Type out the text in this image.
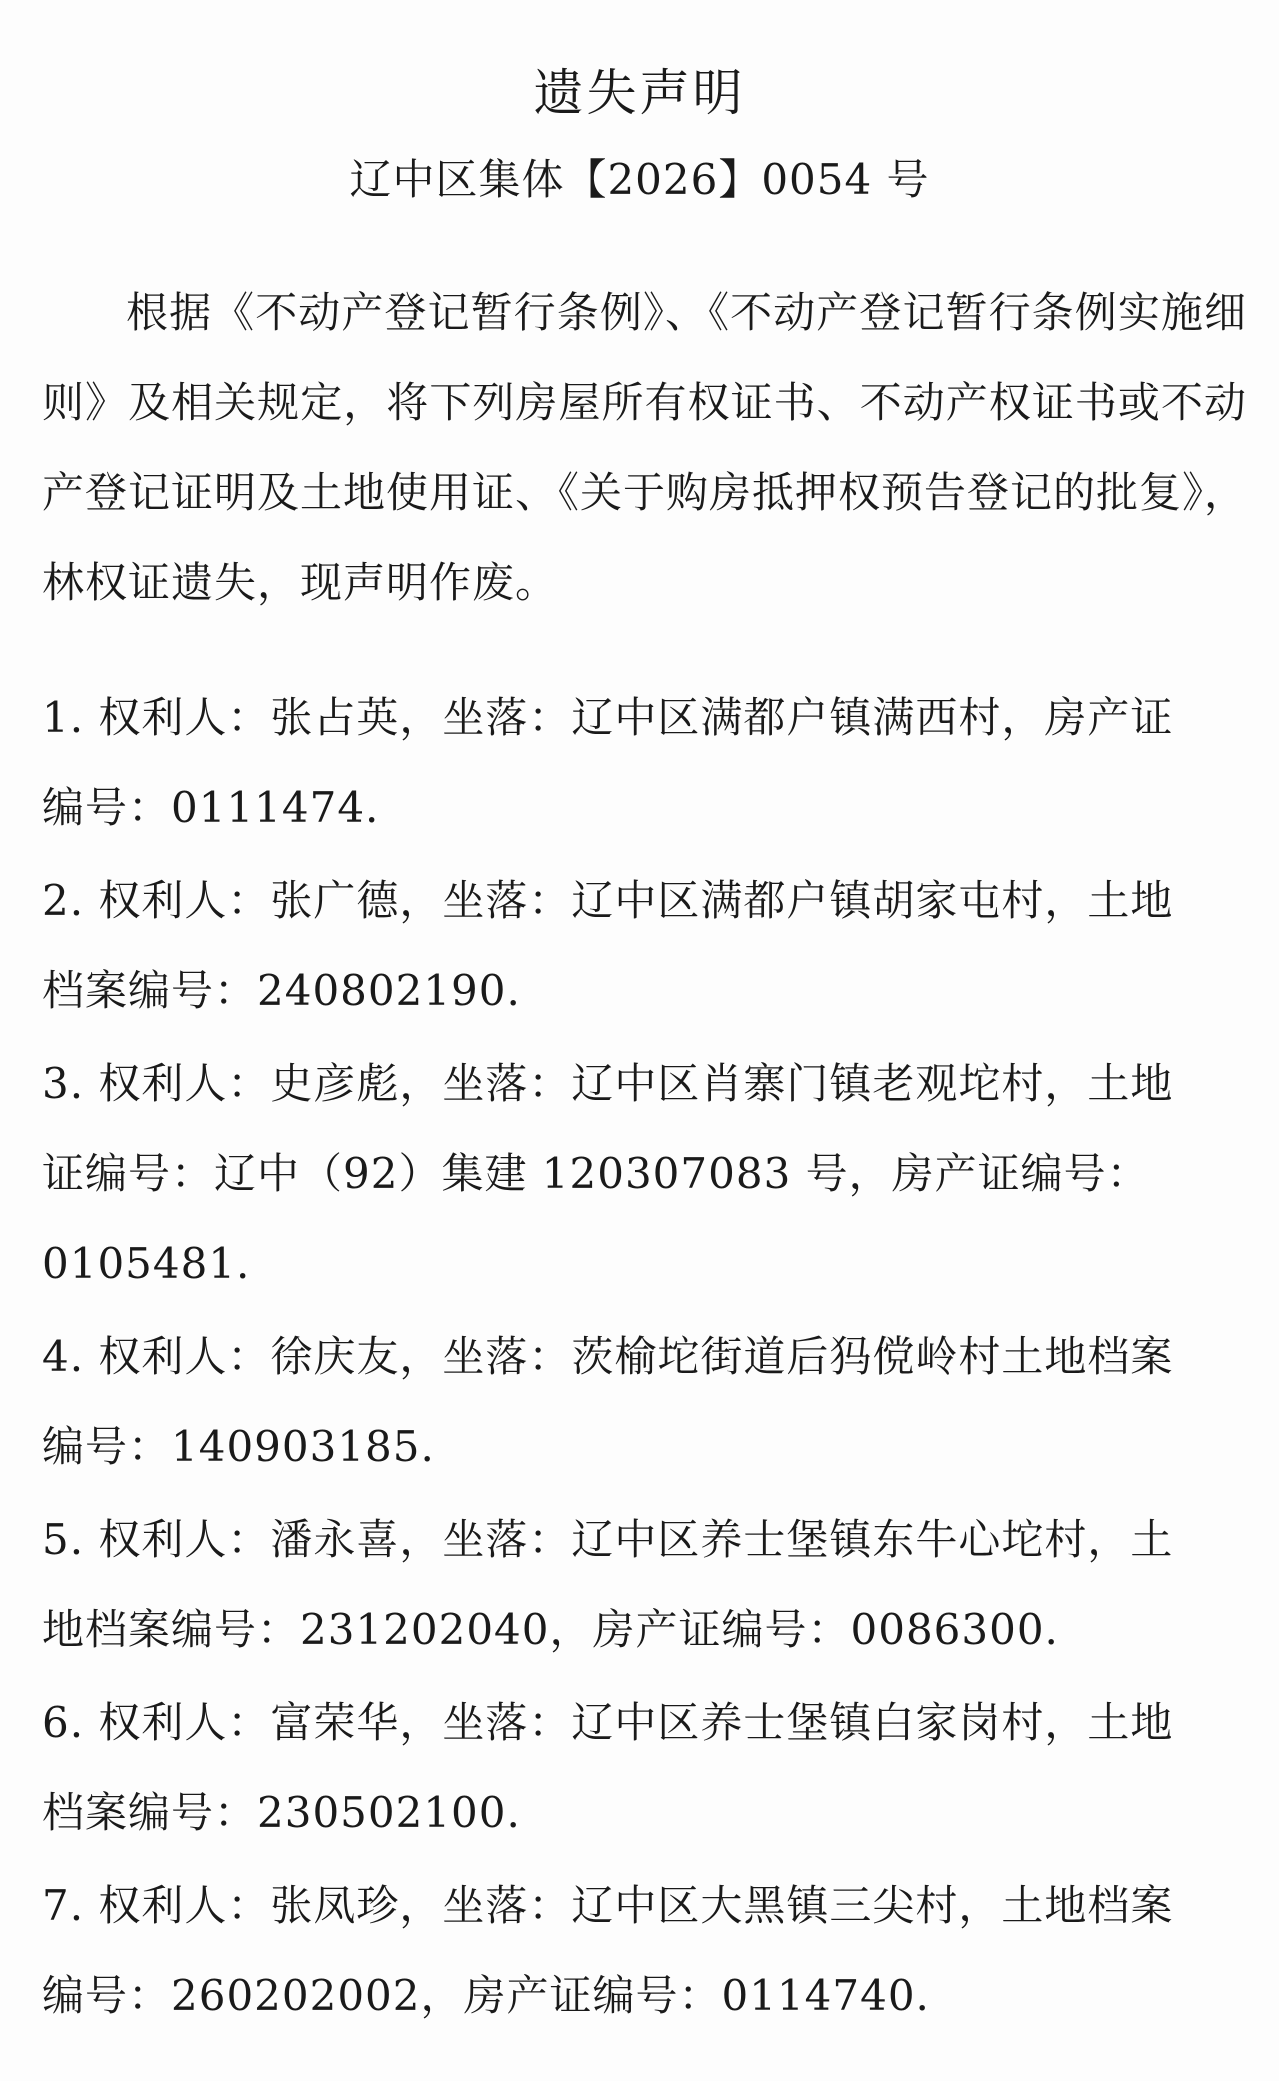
遗失声明
辽中区集体【2026】0054 号

根据《不动产登记暂行条例》、《不动产登记暂行条例实施细则》及相关规定，将下列房屋所有权证书、不动产权证书或不动产登记证明及土地使用证、《关于购房抵押权预告登记的批复》，林权证遗失，现声明作废。

1. 权利人：张占英，坐落：辽中区满都户镇满西村，房产证编号：0111474.
2. 权利人：张广德，坐落：辽中区满都户镇胡家屯村，土地档案编号：240802190.
3. 权利人：史彦彪，坐落：辽中区肖寨门镇老观坨村，土地证编号：辽中（92）集建 120307083 号，房产证编号：0105481.
4. 权利人：徐庆友，坐落：茨榆坨街道后犸傥岭村土地档案编号：140903185.
5. 权利人：潘永喜，坐落：辽中区养士堡镇东牛心坨村，土地档案编号：231202040，房产证编号：0086300.
6. 权利人：富荣华，坐落：辽中区养士堡镇白家岗村，土地档案编号：230502100.
7. 权利人：张凤珍，坐落：辽中区大黑镇三尖村，土地档案编号：260202002，房产证编号：0114740.
